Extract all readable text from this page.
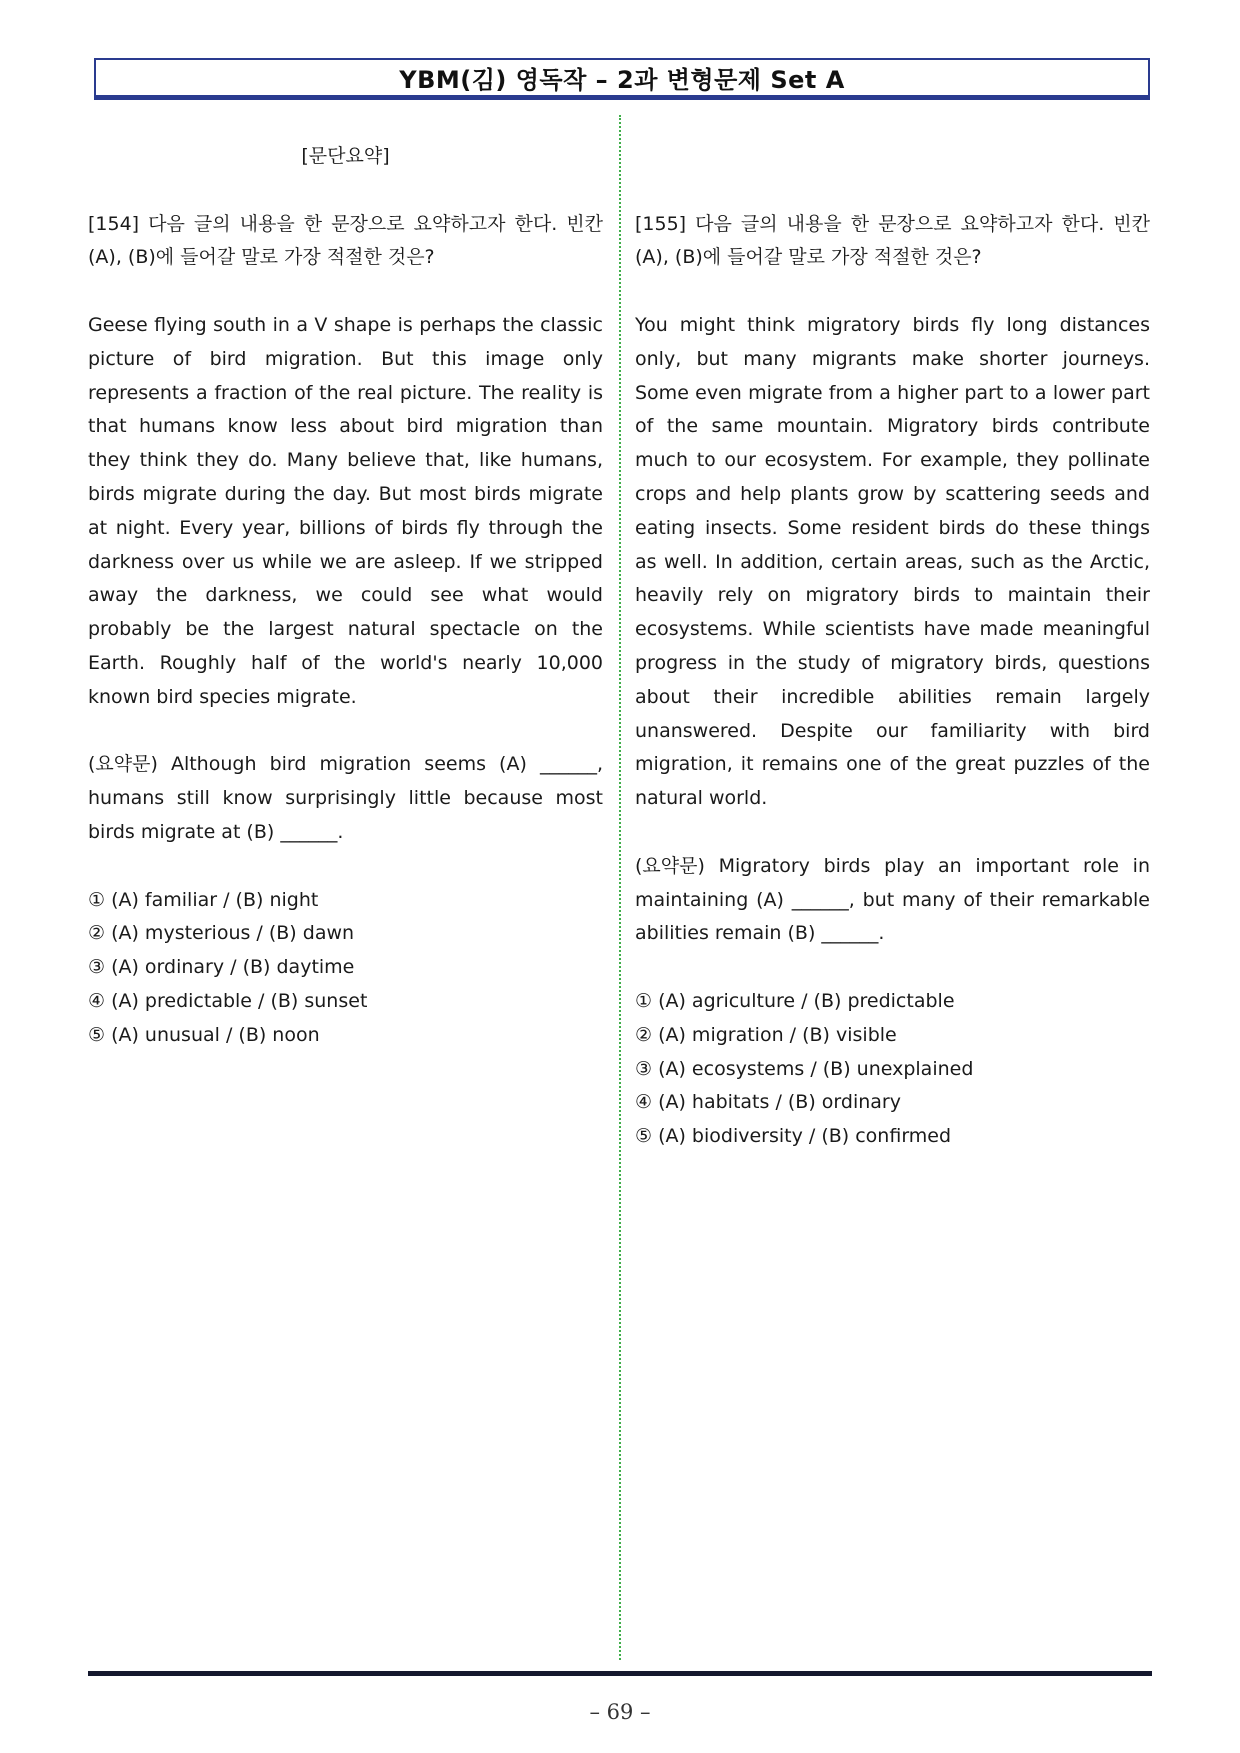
YBM(김) 영독작 – 2과 변형문제 Set A
[문단요약]

[154] 다음 글의 내용을 한 문장으로 요약하고자 한다. 빈칸 (A), (B)에 들어갈 말로 가장 적절한 것은?

Geese flying south in a V shape is perhaps the classic picture of bird migration. But this image only represents a fraction of the real picture. The reality is that humans know less about bird migration than they think they do. Many believe that, like humans, birds migrate during the day. But most birds migrate at night. Every year, billions of birds fly through the darkness over us while we are asleep. If we stripped away the darkness, we could see what would probably be the largest natural spectacle on the Earth. Roughly half of the world's nearly 10,000 known bird species migrate.

(요약문) Although bird migration seems (A) ______, humans still know surprisingly little because most birds migrate at (B) ______.

① (A) familiar / (B) night
② (A) mysterious / (B) dawn
③ (A) ordinary / (B) daytime
④ (A) predictable / (B) sunset
⑤ (A) unusual / (B) noon

[155] 다음 글의 내용을 한 문장으로 요약하고자 한다. 빈칸 (A), (B)에 들어갈 말로 가장 적절한 것은?

You might think migratory birds fly long distances only, but many migrants make shorter journeys. Some even migrate from a higher part to a lower part of the same mountain. Migratory birds contribute much to our ecosystem. For example, they pollinate crops and help plants grow by scattering seeds and eating insects. Some resident birds do these things as well. In addition, certain areas, such as the Arctic, heavily rely on migratory birds to maintain their ecosystems. While scientists have made meaningful progress in the study of migratory birds, questions about their incredible abilities remain largely unanswered. Despite our familiarity with bird migration, it remains one of the great puzzles of the natural world.

(요약문) Migratory birds play an important role in maintaining (A) ______, but many of their remarkable abilities remain (B) ______.

① (A) agriculture / (B) predictable
② (A) migration / (B) visible
③ (A) ecosystems / (B) unexplained
④ (A) habitats / (B) ordinary
⑤ (A) biodiversity / (B) confirmed
– 69 –
